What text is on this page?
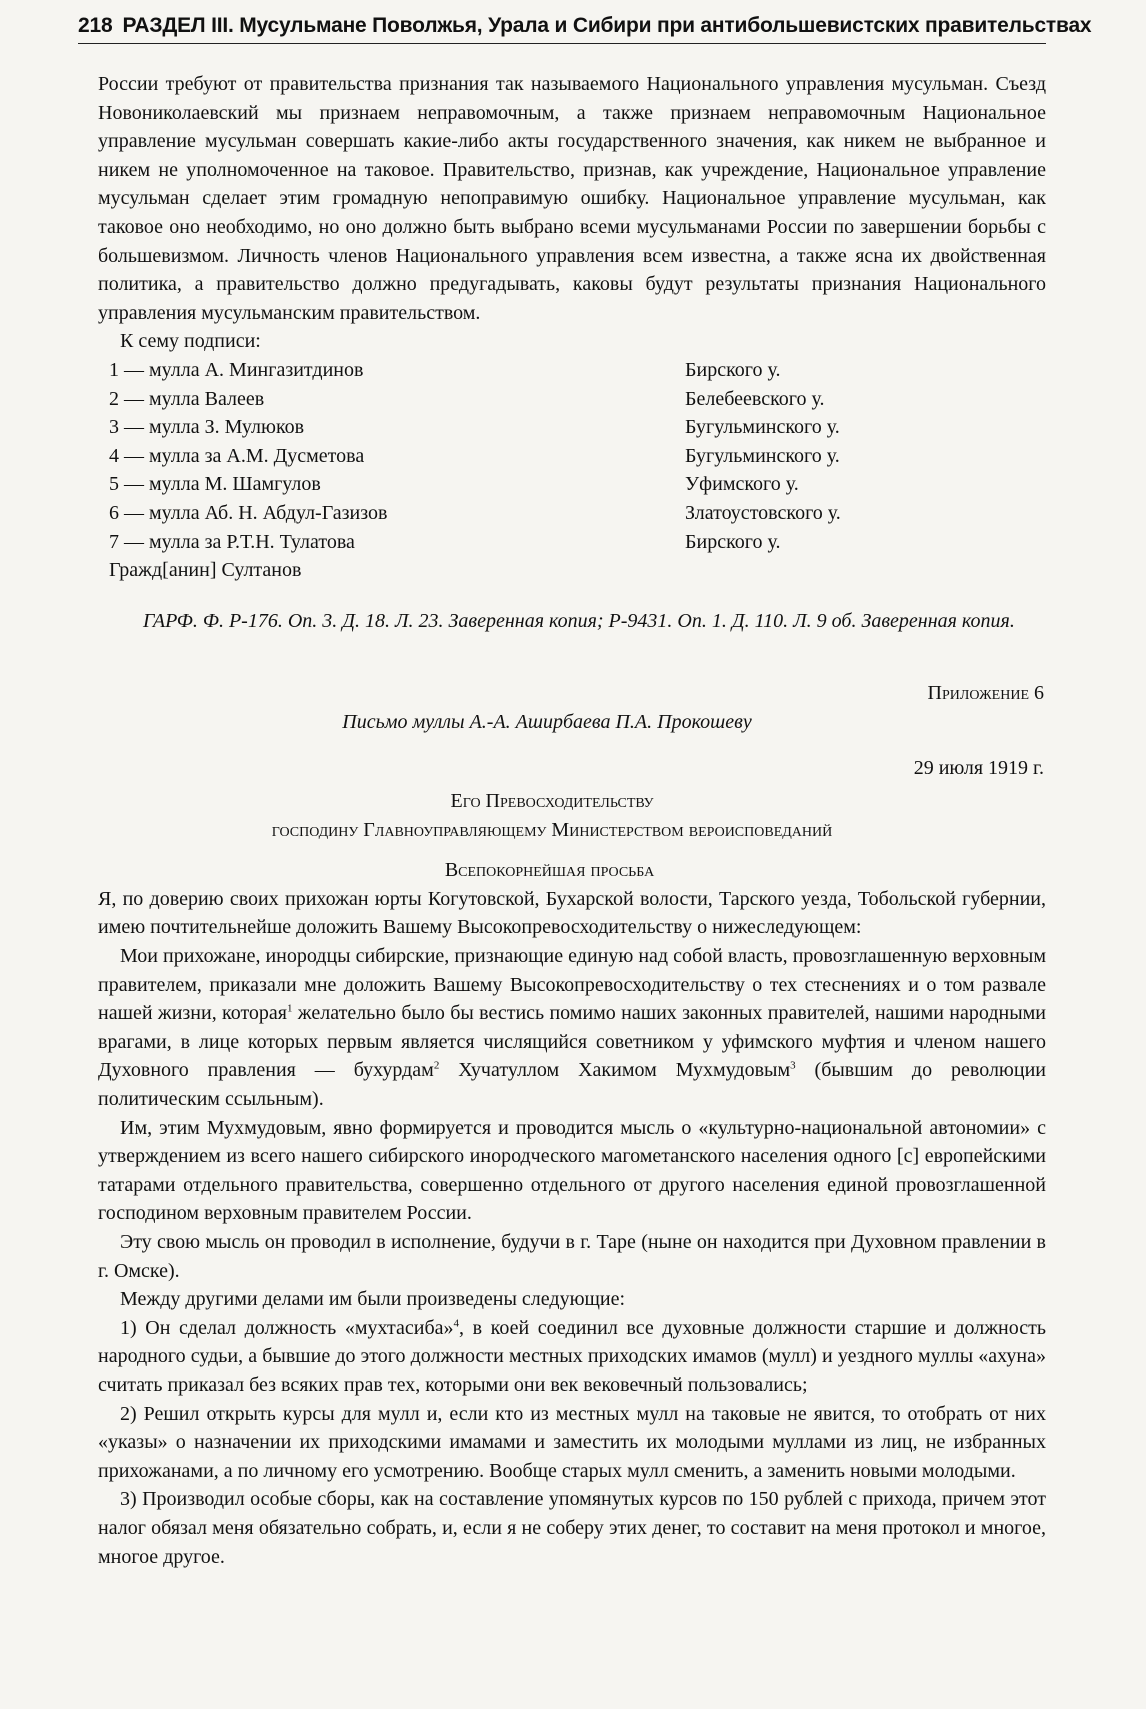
218 РАЗДЕЛ III. Мусульмане Поволжья, Урала и Сибири при антибольшевистских правительствах

России требуют от правительства признания так называемого Национального управления мусульман. Съезд Новониколаевский мы признаем неправомочным, а также признаем неправомочным Национальное управление мусульман совершать какие-либо акты государственного значения, как никем не выбранное и никем не уполномоченное на таковое. Правительство, признав, как учреждение, Национальное управление мусульман сделает этим громадную непоправимую ошибку. Национальное управление мусульман, как таковое оно необходимо, но оно должно быть выбрано всеми мусульманами России по завершении борьбы с большевизмом. Личность членов Национального управления всем известна, а также ясна их двойственная политика, а правительство должно предугадывать, каковы будут результаты признания Национального управления мусульманским правительством.

К сему подписи:

1 — мулла А. Мингазитдинов	Бирского у.
2 — мулла Валеев	Белебеевского у.
3 — мулла З. Мулюков	Бугульминского у.
4 — мулла за А.М. Дусметова	Бугульминского у.
5 — мулла М. Шамгулов	Уфимского у.
6 — мулла Аб. Н. Абдул-Газизов	Златоустовского у.
7 — мулла за Р.Т.Н. Тулатова	Бирского у.
Гражд[анин] Султанов

ГАРФ. Ф. Р-176. Оп. 3. Д. 18. Л. 23. Заверенная копия; Р-9431. Оп. 1. Д. 110. Л. 9 об. Заверенная копия.

Приложение 6
Письмо муллы А.-А. Аширбаева П.А. Прокошеву
29 июля 1919 г.
Его Превосходительству
господину Главноуправляющему Министерством вероисповеданий
Всепокорнейшая просьба

Я, по доверию своих прихожан юрты Когутовской, Бухарской волости, Тарского уезда, Тобольской губернии, имею почтительнейше доложить Вашему Высокопревосходительству о нижеследующем:

Мои прихожане, инородцы сибирские, признающие единую над собой власть, провозглашенную верховным правителем, приказали мне доложить Вашему Высокопревосходительству о тех стеснениях и о том развале нашей жизни, которая$^1$ желательно было бы вестись помимо наших законных правителей, нашими народными врагами, в лице которых первым является числящийся советником у уфимского муфтия и членом нашего Духовного правления — бухурдам$^2$ Хучатуллом Хакимом Мухмудовым$^3$ (бывшим до революции политическим ссыльным).

Им, этим Мухмудовым, явно формируется и проводится мысль о «культурно-национальной автономии» с утверждением из всего нашего сибирского инородческого магометанского населения одного [с] европейскими татарами отдельного правительства, совершенно отдельного от другого населения единой провозглашенной господином верховным правителем России.

Эту свою мысль он проводил в исполнение, будучи в г. Таре (ныне он находится при Духовном правлении в г. Омске).

Между другими делами им были произведены следующие:

1) Он сделал должность «мухтасиба»$^4$, в коей соединил все духовные должности старшие и должность народного судьи, а бывшие до этого должности местных приходских имамов (мулл) и уездного муллы «ахуна» считать приказал без всяких прав тех, которыми они век вековечный пользовались;

2) Решил открыть курсы для мулл и, если кто из местных мулл на таковые не явится, то отобрать от них «указы» о назначении их приходскими имамами и заместить их молодыми муллами из лиц, не избранных прихожанами, а по личному его усмотрению. Вообще старых мулл сменить, а заменить новыми молодыми.

3) Производил особые сборы, как на составление упомянутых курсов по 150 рублей с прихода, причем этот налог обязал меня обязательно собрать, и, если я не соберу этих денег, то составит на меня протокол и многое, многое другое.
